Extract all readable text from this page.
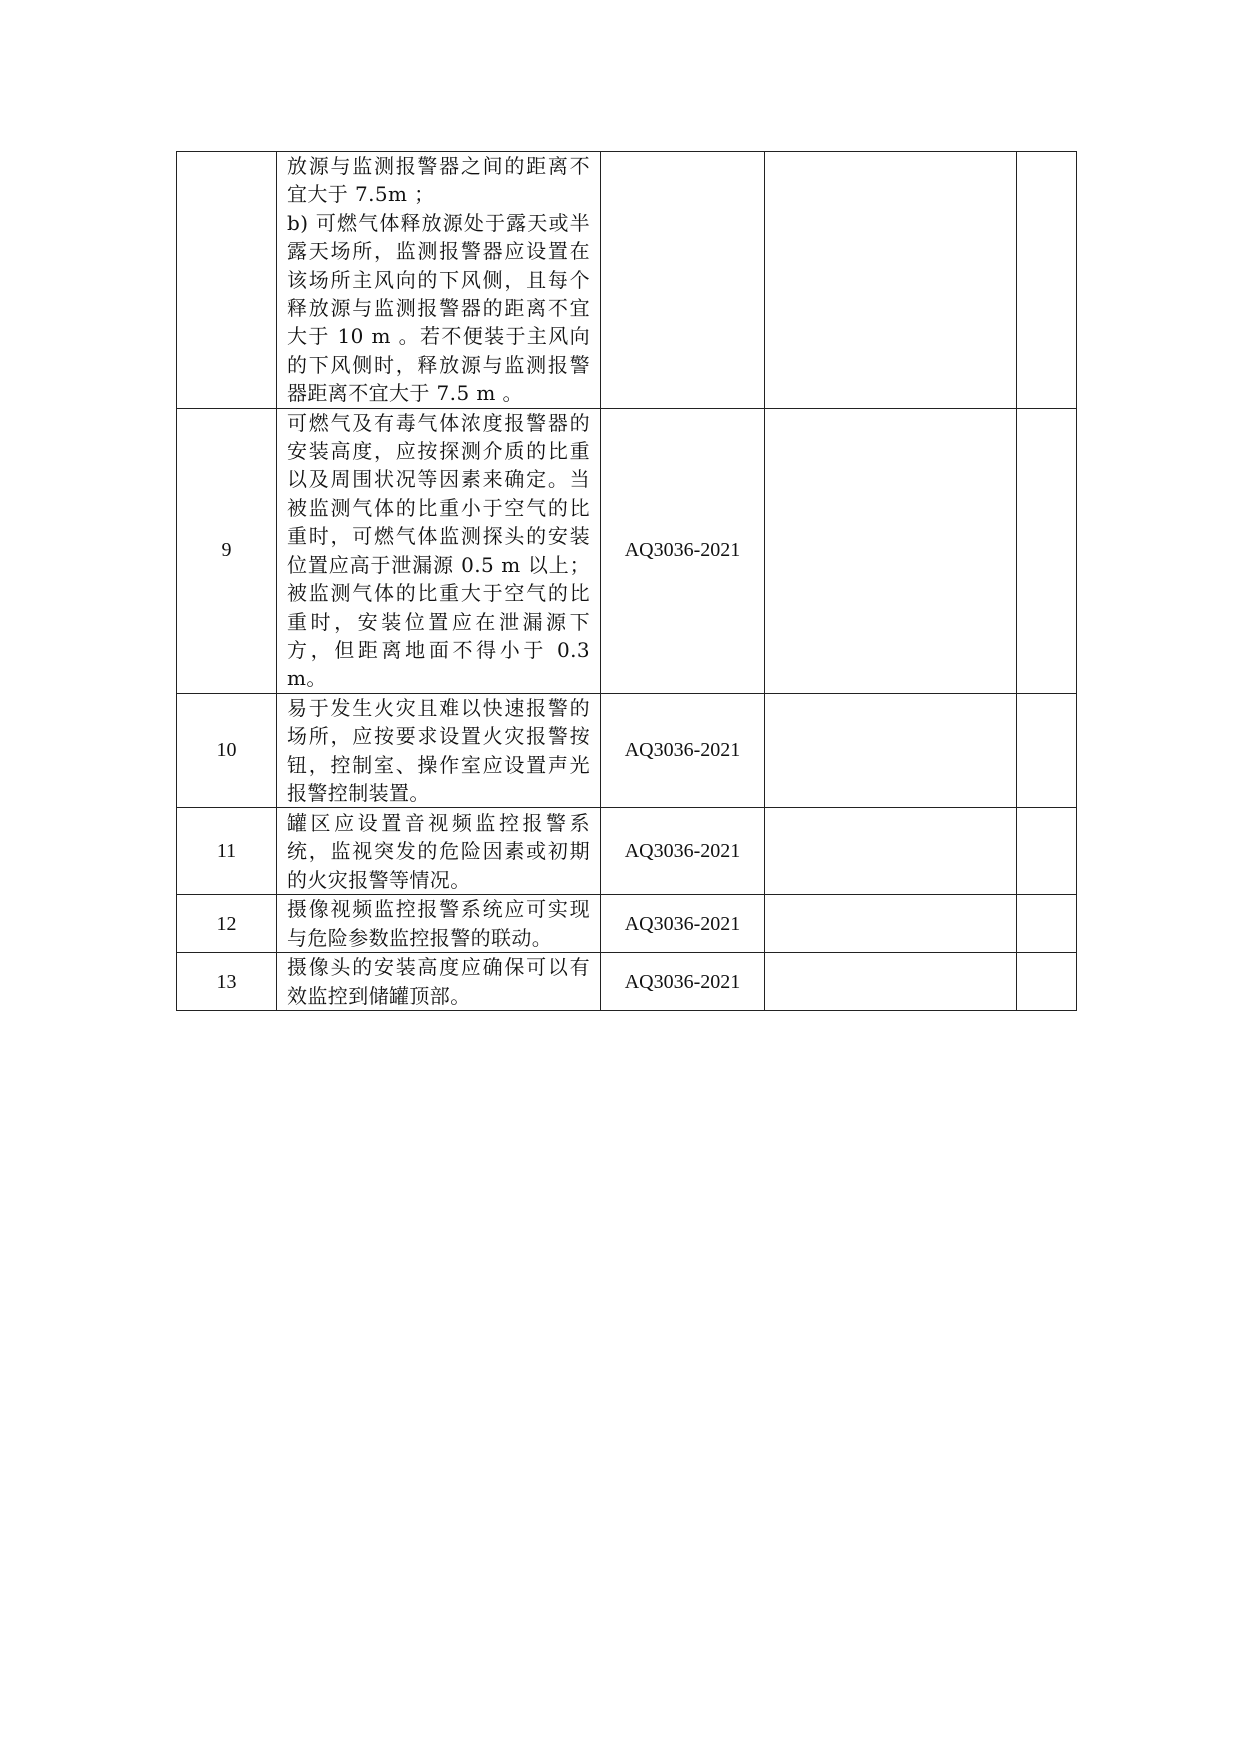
	放源与监测报警器之间的距离不宜大于 7.5m ；
b) 可燃气体释放源处于露天或半露天场所，监测报警器应设置在该场所主风向的下风侧，且每个释放源与监测报警器的距离不宜大于 10 m 。若不便装于主风向的下风侧时，释放源与监测报警器距离不宜大于 7.5 m 。			

9	可燃气及有毒气体浓度报警器的安装高度，应按探测介质的比重以及周围状况等因素来确定。当被监测气体的比重小于空气的比重时，可燃气体监测探头的安装位置应高于泄漏源 0.5 m 以上；被监测气体的比重大于空气的比重时，安装位置应在泄漏源下方，但距离地面不得小于 0.3 m。	AQ3036-2021		
10	易于发生火灾且难以快速报警的场所，应按要求设置火灾报警按钮，控制室、操作室应设置声光报警控制装置。	AQ3036-2021		
11	罐区应设置音视频监控报警系统，监视突发的危险因素或初期的火灾报警等情况。	AQ3036-2021		
12	摄像视频监控报警系统应可实现与危险参数监控报警的联动。	AQ3036-2021		
13	摄像头的安装高度应确保可以有效监控到储罐顶部。	AQ3036-2021		
